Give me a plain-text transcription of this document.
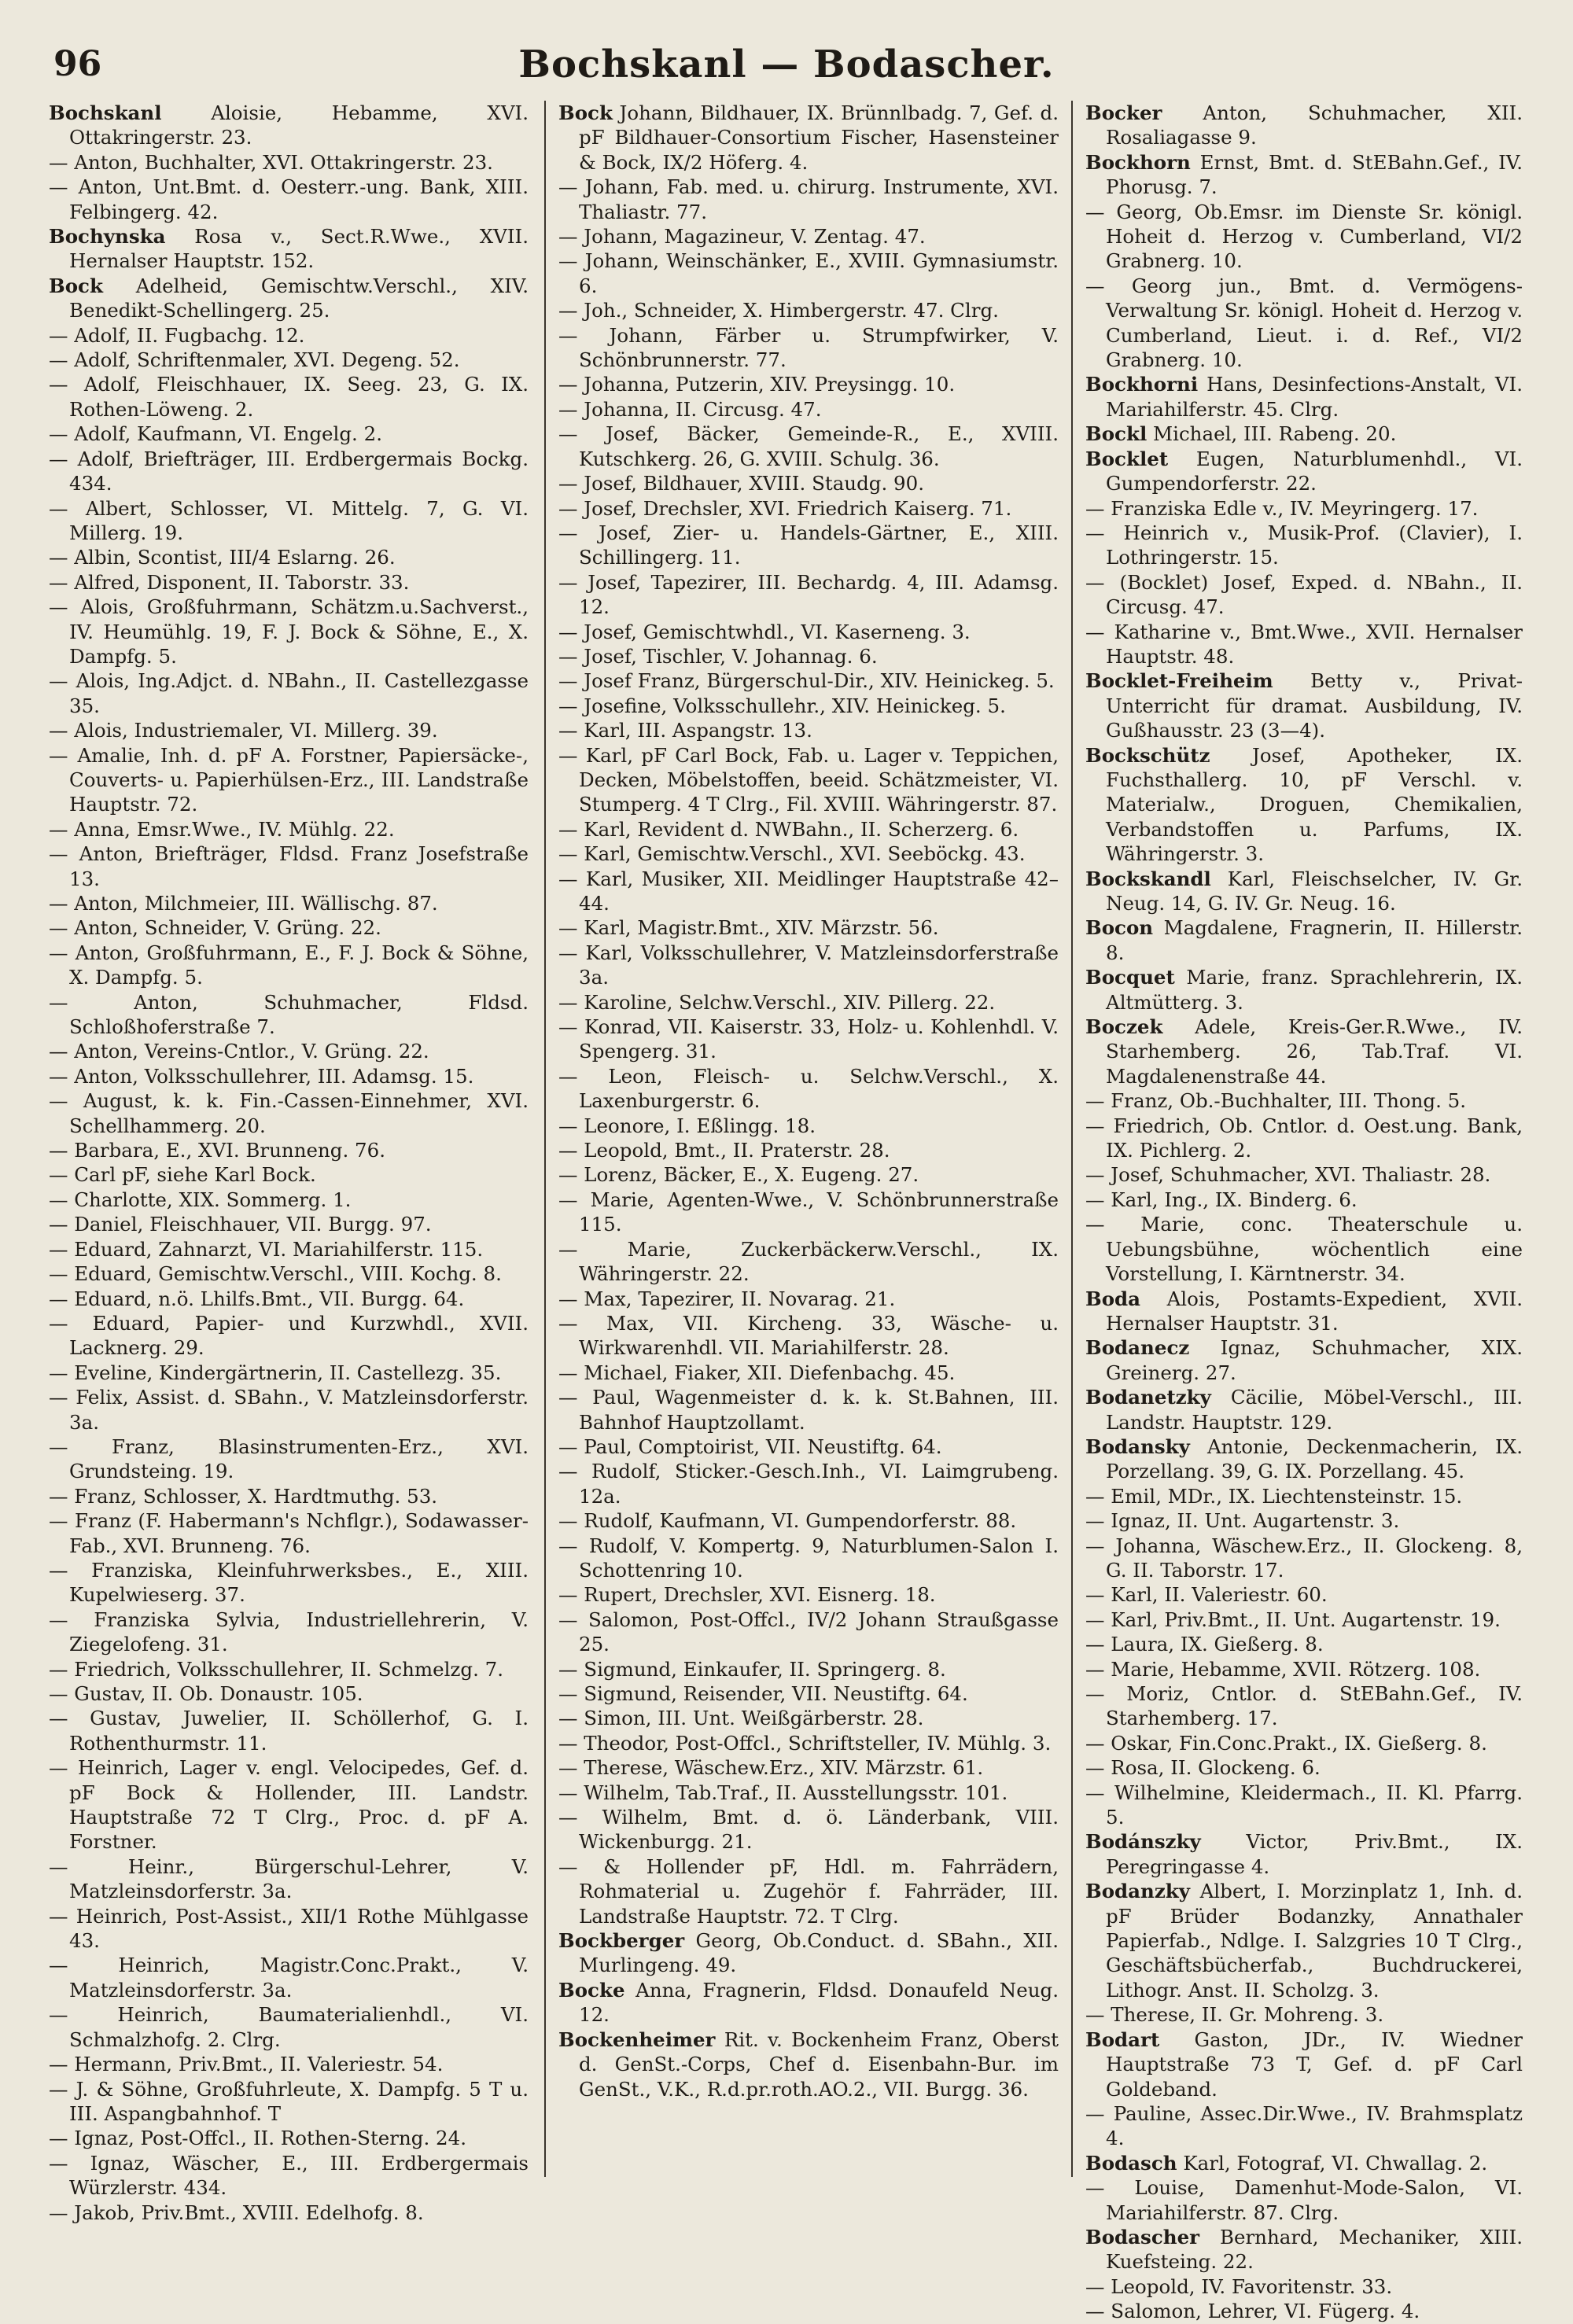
96	Bochskanl — Bodascher.
Bochskanl Aloisie, Hebamme, XVI. Ottakringerstr. 23.
— Anton, Buchhalter, XVI. Ottakringerstr. 23.
— Anton, Unt.Bmt. d. Oesterr.-ung. Bank, XIII. Felbingerg. 42.
Bochynska Rosa v., Sect.R.Wwe., XVII. Hernalser Hauptstr. 152.
Bock Adelheid, Gemischtw.Verschl., XIV. Benedikt-Schellingerg. 25.
— Adolf, II. Fugbachg. 12.
— Adolf, Schriftenmaler, XVI. Degeng. 52.
— Adolf, Fleischhauer, IX. Seeg. 23, G. IX. Rothen-Löweng. 2.
— Adolf, Kaufmann, VI. Engelg. 2.
— Adolf, Briefträger, III. Erdbergermais Bockg. 434.
— Albert, Schlosser, VI. Mittelg. 7, G. VI. Millerg. 19.
— Albin, Scontist, III/4 Eslarng. 26.
— Alfred, Disponent, II. Taborstr. 33.
— Alois, Großfuhrmann, Schätzm.u.Sachverst., IV. Heumühlg. 19, F. J. Bock & Söhne, E., X. Dampfg. 5.
— Alois, Ing.Adjct. d. NBahn., II. Castellezgasse 35.
— Alois, Industriemaler, VI. Millerg. 39.
— Amalie, Inh. d. pF A. Forstner, Papiersäcke-, Couverts- u. Papierhülsen-Erz., III. Landstraße Hauptstr. 72.
— Anna, Emsr.Wwe., IV. Mühlg. 22.
— Anton, Briefträger, Fldsd. Franz Josefstraße 13.
— Anton, Milchmeier, III. Wällischg. 87.
— Anton, Schneider, V. Grüng. 22.
— Anton, Großfuhrmann, E., F. J. Bock & Söhne, X. Dampfg. 5.
— Anton, Schuhmacher, Fldsd. Schloßhoferstraße 7.
— Anton, Vereins-Cntlor., V. Grüng. 22.
— Anton, Volksschullehrer, III. Adamsg. 15.
— August, k. k. Fin.-Cassen-Einnehmer, XVI. Schellhammerg. 20.
— Barbara, E., XVI. Brunneng. 76.
— Carl pF, siehe Karl Bock.
— Charlotte, XIX. Sommerg. 1.
— Daniel, Fleischhauer, VII. Burgg. 97.
— Eduard, Zahnarzt, VI. Mariahilferstr. 115.
— Eduard, Gemischtw.Verschl., VIII. Kochg. 8.
— Eduard, n.ö. Lhilfs.Bmt., VII. Burgg. 64.
— Eduard, Papier- und Kurzwhdl., XVII. Lacknerg. 29.
— Eveline, Kindergärtnerin, II. Castellezg. 35.
— Felix, Assist. d. SBahn., V. Matzleinsdorferstr. 3a.
— Franz, Blasinstrumenten-Erz., XVI. Grundsteing. 19.
— Franz, Schlosser, X. Hardtmuthg. 53.
— Franz (F. Habermann's Nchflgr.), Sodawasser-Fab., XVI. Brunneng. 76.
— Franziska, Kleinfuhrwerksbes., E., XIII. Kupelwieserg. 37.
— Franziska Sylvia, Industriellehrerin, V. Ziegelofeng. 31.
— Friedrich, Volksschullehrer, II. Schmelzg. 7.
— Gustav, II. Ob. Donaustr. 105.
— Gustav, Juwelier, II. Schöllerhof, G. I. Rothenthurmstr. 11.
— Heinrich, Lager v. engl. Velocipedes, Gef. d. pF Bock & Hollender, III. Landstr. Hauptstraße 72 T Clrg., Proc. d. pF A. Forstner.
— Heinr., Bürgerschul-Lehrer, V. Matzleinsdorferstr. 3a.
— Heinrich, Post-Assist., XII/1 Rothe Mühlgasse 43.
— Heinrich, Magistr.Conc.Prakt., V. Matzleinsdorferstr. 3a.
— Heinrich, Baumaterialienhdl., VI. Schmalzhofg. 2. Clrg.
— Hermann, Priv.Bmt., II. Valeriestr. 54.
— J. & Söhne, Großfuhrleute, X. Dampfg. 5 T u. III. Aspangbahnhof. T
— Ignaz, Post-Offcl., II. Rothen-Sterng. 24.
— Ignaz, Wäscher, E., III. Erdbergermais Würzlerstr. 434.
— Jakob, Priv.Bmt., XVIII. Edelhofg. 8.
Bock Johann, Bildhauer, IX. Brünnlbadg. 7, Gef. d. pF Bildhauer-Consortium Fischer, Hasensteiner & Bock, IX/2 Höferg. 4.
— Johann, Fab. med. u. chirurg. Instrumente, XVI. Thaliastr. 77.
— Johann, Magazineur, V. Zentag. 47.
— Johann, Weinschänker, E., XVIII. Gymnasiumstr. 6.
— Joh., Schneider, X. Himbergerstr. 47. Clrg.
— Johann, Färber u. Strumpfwirker, V. Schönbrunnerstr. 77.
— Johanna, Putzerin, XIV. Preysingg. 10.
— Johanna, II. Circusg. 47.
— Josef, Bäcker, Gemeinde-R., E., XVIII. Kutschkerg. 26, G. XVIII. Schulg. 36.
— Josef, Bildhauer, XVIII. Staudg. 90.
— Josef, Drechsler, XVI. Friedrich Kaiserg. 71.
— Josef, Zier- u. Handels-Gärtner, E., XIII. Schillingerg. 11.
— Josef, Tapezirer, III. Bechardg. 4, III. Adamsg. 12.
— Josef, Gemischtwhdl., VI. Kaserneng. 3.
— Josef, Tischler, V. Johannag. 6.
— Josef Franz, Bürgerschul-Dir., XIV. Heinickeg. 5.
— Josefine, Volksschullehr., XIV. Heinickeg. 5.
— Karl, III. Aspangstr. 13.
— Karl, pF Carl Bock, Fab. u. Lager v. Teppichen, Decken, Möbelstoffen, beeid. Schätzmeister, VI. Stumperg. 4 T Clrg., Fil. XVIII. Währingerstr. 87.
— Karl, Revident d. NWBahn., II. Scherzerg. 6.
— Karl, Gemischtw.Verschl., XVI. Seeböckg. 43.
— Karl, Musiker, XII. Meidlinger Hauptstraße 42–44.
— Karl, Magistr.Bmt., XIV. Märzstr. 56.
— Karl, Volksschullehrer, V. Matzleinsdorferstraße 3a.
— Karoline, Selchw.Verschl., XIV. Pillerg. 22.
— Konrad, VII. Kaiserstr. 33, Holz- u. Kohlenhdl. V. Spengerg. 31.
— Leon, Fleisch- u. Selchw.Verschl., X. Laxenburgerstr. 6.
— Leonore, I. Eßlingg. 18.
— Leopold, Bmt., II. Praterstr. 28.
— Lorenz, Bäcker, E., X. Eugeng. 27.
— Marie, Agenten-Wwe., V. Schönbrunnerstraße 115.
— Marie, Zuckerbäckerw.Verschl., IX. Währingerstr. 22.
— Max, Tapezirer, II. Novarag. 21.
— Max, VII. Kircheng. 33, Wäsche- u. Wirkwarenhdl. VII. Mariahilferstr. 28.
— Michael, Fiaker, XII. Diefenbachg. 45.
— Paul, Wagenmeister d. k. k. St.Bahnen, III. Bahnhof Hauptzollamt.
— Paul, Comptoirist, VII. Neustiftg. 64.
— Rudolf, Sticker.-Gesch.Inh., VI. Laimgrubeng. 12a.
— Rudolf, Kaufmann, VI. Gumpendorferstr. 88.
— Rudolf, V. Kompertg. 9, Naturblumen-Salon I. Schottenring 10.
— Rupert, Drechsler, XVI. Eisnerg. 18.
— Salomon, Post-Offcl., IV/2 Johann Straußgasse 25.
— Sigmund, Einkaufer, II. Springerg. 8.
— Sigmund, Reisender, VII. Neustiftg. 64.
— Simon, III. Unt. Weißgärberstr. 28.
— Theodor, Post-Offcl., Schriftsteller, IV. Mühlg. 3.
— Therese, Wäschew.Erz., XIV. Märzstr. 61.
— Wilhelm, Tab.Traf., II. Ausstellungsstr. 101.
— Wilhelm, Bmt. d. ö. Länderbank, VIII. Wickenburgg. 21.
— & Hollender pF, Hdl. m. Fahrrädern, Rohmaterial u. Zugehör f. Fahrräder, III. Landstraße Hauptstr. 72. T Clrg.
Bockberger Georg, Ob.Conduct. d. SBahn., XII. Murlingeng. 49.
Bocke Anna, Fragnerin, Fldsd. Donaufeld Neug. 12.
Bockenheimer Rit. v. Bockenheim Franz, Oberst d. GenSt.-Corps, Chef d. Eisenbahn-Bur. im GenSt., V.K., R.d.pr.roth.AO.2., VII. Burgg. 36.
Bocker Anton, Schuhmacher, XII. Rosaliagasse 9.
Bockhorn Ernst, Bmt. d. StEBahn.Gef., IV. Phorusg. 7.
— Georg, Ob.Emsr. im Dienste Sr. königl. Hoheit d. Herzog v. Cumberland, VI/2 Grabnerg. 10.
— Georg jun., Bmt. d. Vermögens-Verwaltung Sr. königl. Hoheit d. Herzog v. Cumberland, Lieut. i. d. Ref., VI/2 Grabnerg. 10.
Bockhorni Hans, Desinfections-Anstalt, VI. Mariahilferstr. 45. Clrg.
Bockl Michael, III. Rabeng. 20.
Bocklet Eugen, Naturblumenhdl., VI. Gumpendorferstr. 22.
— Franziska Edle v., IV. Meyringerg. 17.
— Heinrich v., Musik-Prof. (Clavier), I. Lothringerstr. 15.
— (Bocklet) Josef, Exped. d. NBahn., II. Circusg. 47.
— Katharine v., Bmt.Wwe., XVII. Hernalser Hauptstr. 48.
Bocklet-Freiheim Betty v., Privat-Unterricht für dramat. Ausbildung, IV. Gußhausstr. 23 (3—4).
Bockschütz Josef, Apotheker, IX. Fuchsthallerg. 10, pF Verschl. v. Materialw., Droguen, Chemikalien, Verbandstoffen u. Parfums, IX. Währingerstr. 3.
Bockskandl Karl, Fleischselcher, IV. Gr. Neug. 14, G. IV. Gr. Neug. 16.
Bocon Magdalene, Fragnerin, II. Hillerstr. 8.
Bocquet Marie, franz. Sprachlehrerin, IX. Altmütterg. 3.
Boczek Adele, Kreis-Ger.R.Wwe., IV. Starhemberg. 26, Tab.Traf. VI. Magdalenenstraße 44.
— Franz, Ob.-Buchhalter, III. Thong. 5.
— Friedrich, Ob. Cntlor. d. Oest.ung. Bank, IX. Pichlerg. 2.
— Josef, Schuhmacher, XVI. Thaliastr. 28.
— Karl, Ing., IX. Binderg. 6.
— Marie, conc. Theaterschule u. Uebungsbühne, wöchentlich eine Vorstellung, I. Kärntnerstr. 34.
Boda Alois, Postamts-Expedient, XVII. Hernalser Hauptstr. 31.
Bodanecz Ignaz, Schuhmacher, XIX. Greinerg. 27.
Bodanetzky Cäcilie, Möbel-Verschl., III. Landstr. Hauptstr. 129.
Bodansky Antonie, Deckenmacherin, IX. Porzellang. 39, G. IX. Porzellang. 45.
— Emil, MDr., IX. Liechtensteinstr. 15.
— Ignaz, II. Unt. Augartenstr. 3.
— Johanna, Wäschew.Erz., II. Glockeng. 8, G. II. Taborstr. 17.
— Karl, II. Valeriestr. 60.
— Karl, Priv.Bmt., II. Unt. Augartenstr. 19.
— Laura, IX. Gießerg. 8.
— Marie, Hebamme, XVII. Rötzerg. 108.
— Moriz, Cntlor. d. StEBahn.Gef., IV. Starhemberg. 17.
— Oskar, Fin.Conc.Prakt., IX. Gießerg. 8.
— Rosa, II. Glockeng. 6.
— Wilhelmine, Kleidermach., II. Kl. Pfarrg. 5.
Bodánszky Victor, Priv.Bmt., IX. Peregringasse 4.
Bodanzky Albert, I. Morzinplatz 1, Inh. d. pF Brüder Bodanzky, Annathaler Papierfab., Ndlge. I. Salzgries 10 T Clrg., Geschäftsbücherfab., Buchdruckerei, Lithogr. Anst. II. Scholzg. 3.
— Therese, II. Gr. Mohreng. 3.
Bodart Gaston, JDr., IV. Wiedner Hauptstraße 73 T, Gef. d. pF Carl Goldeband.
— Pauline, Assec.Dir.Wwe., IV. Brahmsplatz 4.
Bodasch Karl, Fotograf, VI. Chwallag. 2.
— Louise, Damenhut-Mode-Salon, VI. Mariahilferstr. 87. Clrg.
Bodascher Bernhard, Mechaniker, XIII. Kuefsteing. 22.
— Leopold, IV. Favoritenstr. 33.
— Salomon, Lehrer, VI. Fügerg. 4.
